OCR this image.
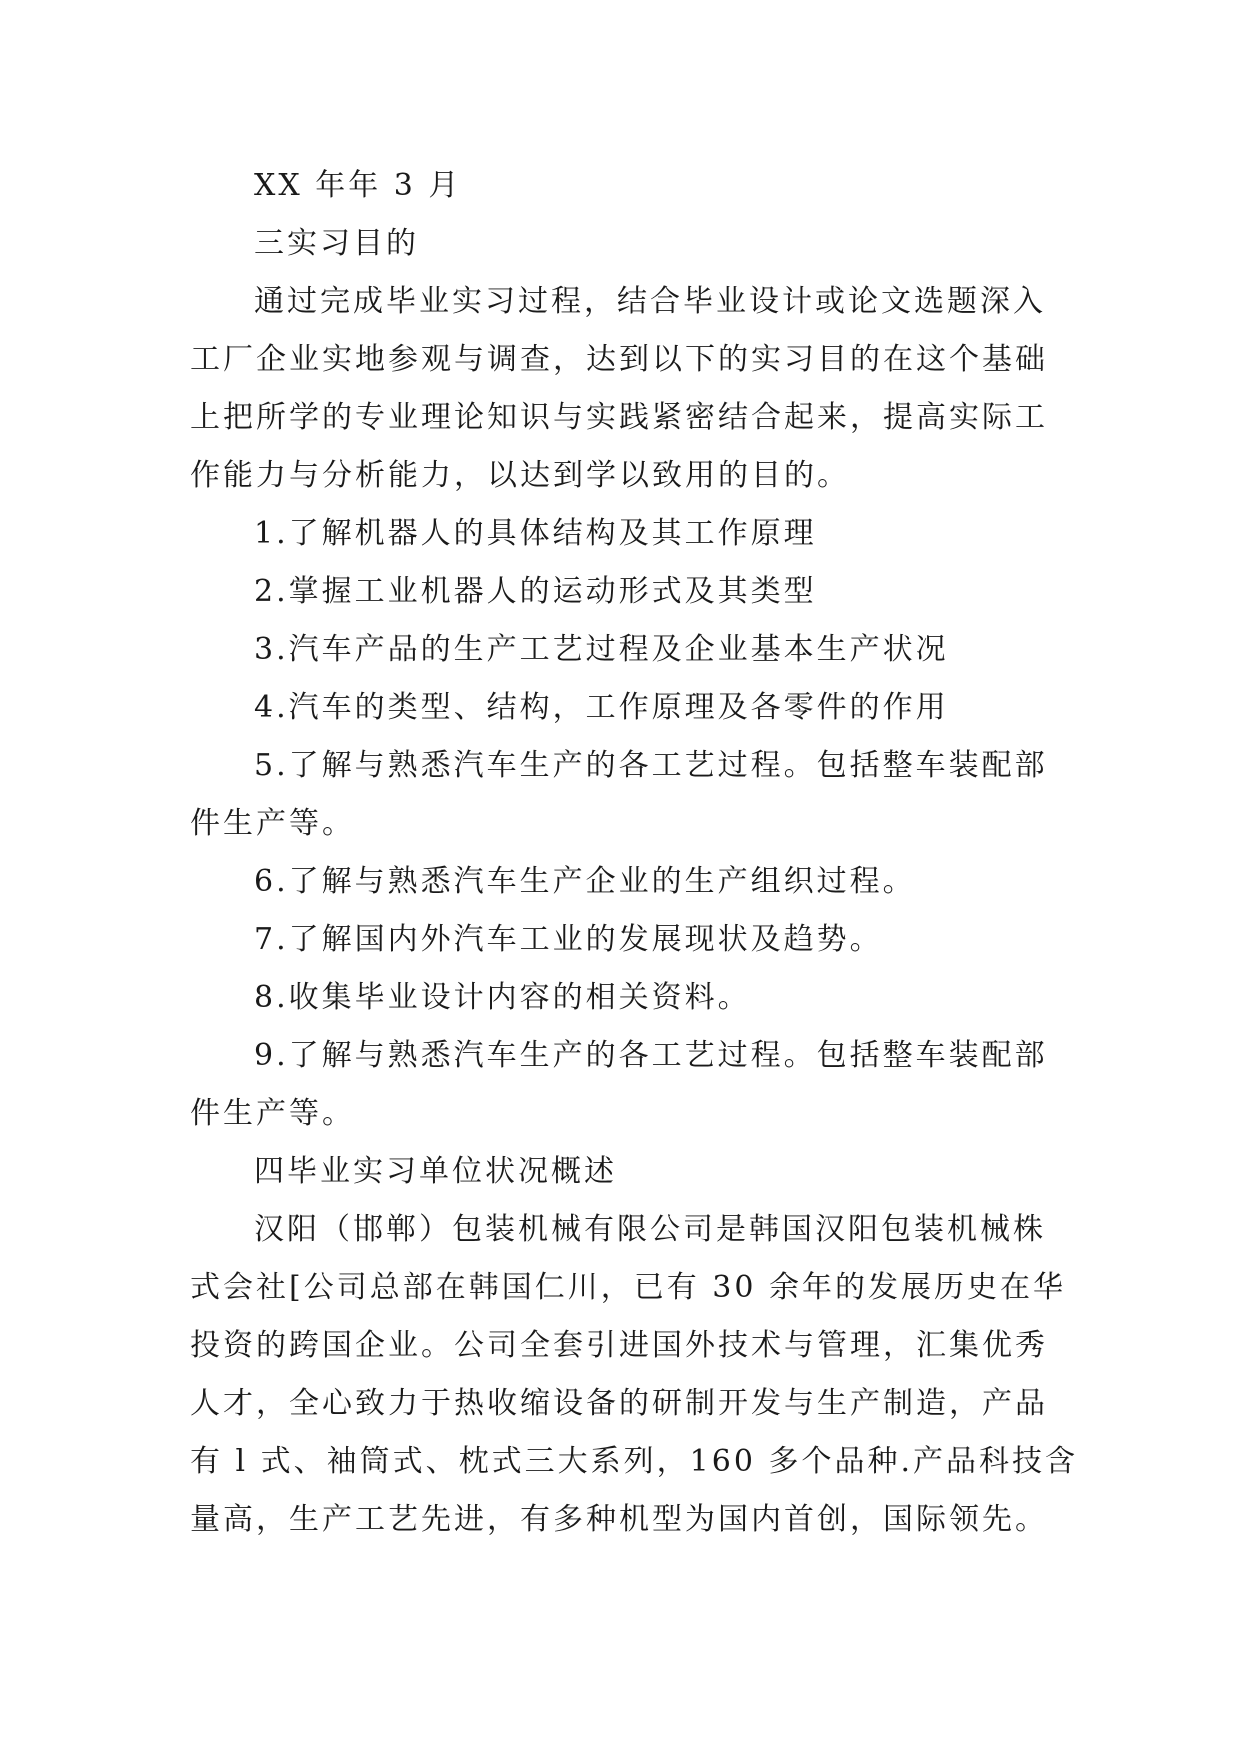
XX 年年 3 月
三实习目的
通过完成毕业实习过程，结合毕业设计或论文选题深入
工厂企业实地参观与调查，达到以下的实习目的在这个基础
上把所学的专业理论知识与实践紧密结合起来，提高实际工
作能力与分析能力，以达到学以致用的目的。
1.了解机器人的具体结构及其工作原理
2.掌握工业机器人的运动形式及其类型
3.汽车产品的生产工艺过程及企业基本生产状况
4.汽车的类型、结构，工作原理及各零件的作用
5.了解与熟悉汽车生产的各工艺过程。包括整车装配部
件生产等。
6.了解与熟悉汽车生产企业的生产组织过程。
7.了解国内外汽车工业的发展现状及趋势。
8.收集毕业设计内容的相关资料。
9.了解与熟悉汽车生产的各工艺过程。包括整车装配部
件生产等。
四毕业实习单位状况概述
汉阳（邯郸）包装机械有限公司是韩国汉阳包装机械株
式会社[公司总部在韩国仁川，已有 30 余年的发展历史在华
投资的跨国企业。公司全套引进国外技术与管理，汇集优秀
人才，全心致力于热收缩设备的研制开发与生产制造，产品
有 l 式、袖筒式、枕式三大系列，160 多个品种.产品科技含
量高，生产工艺先进，有多种机型为国内首创，国际领先。
